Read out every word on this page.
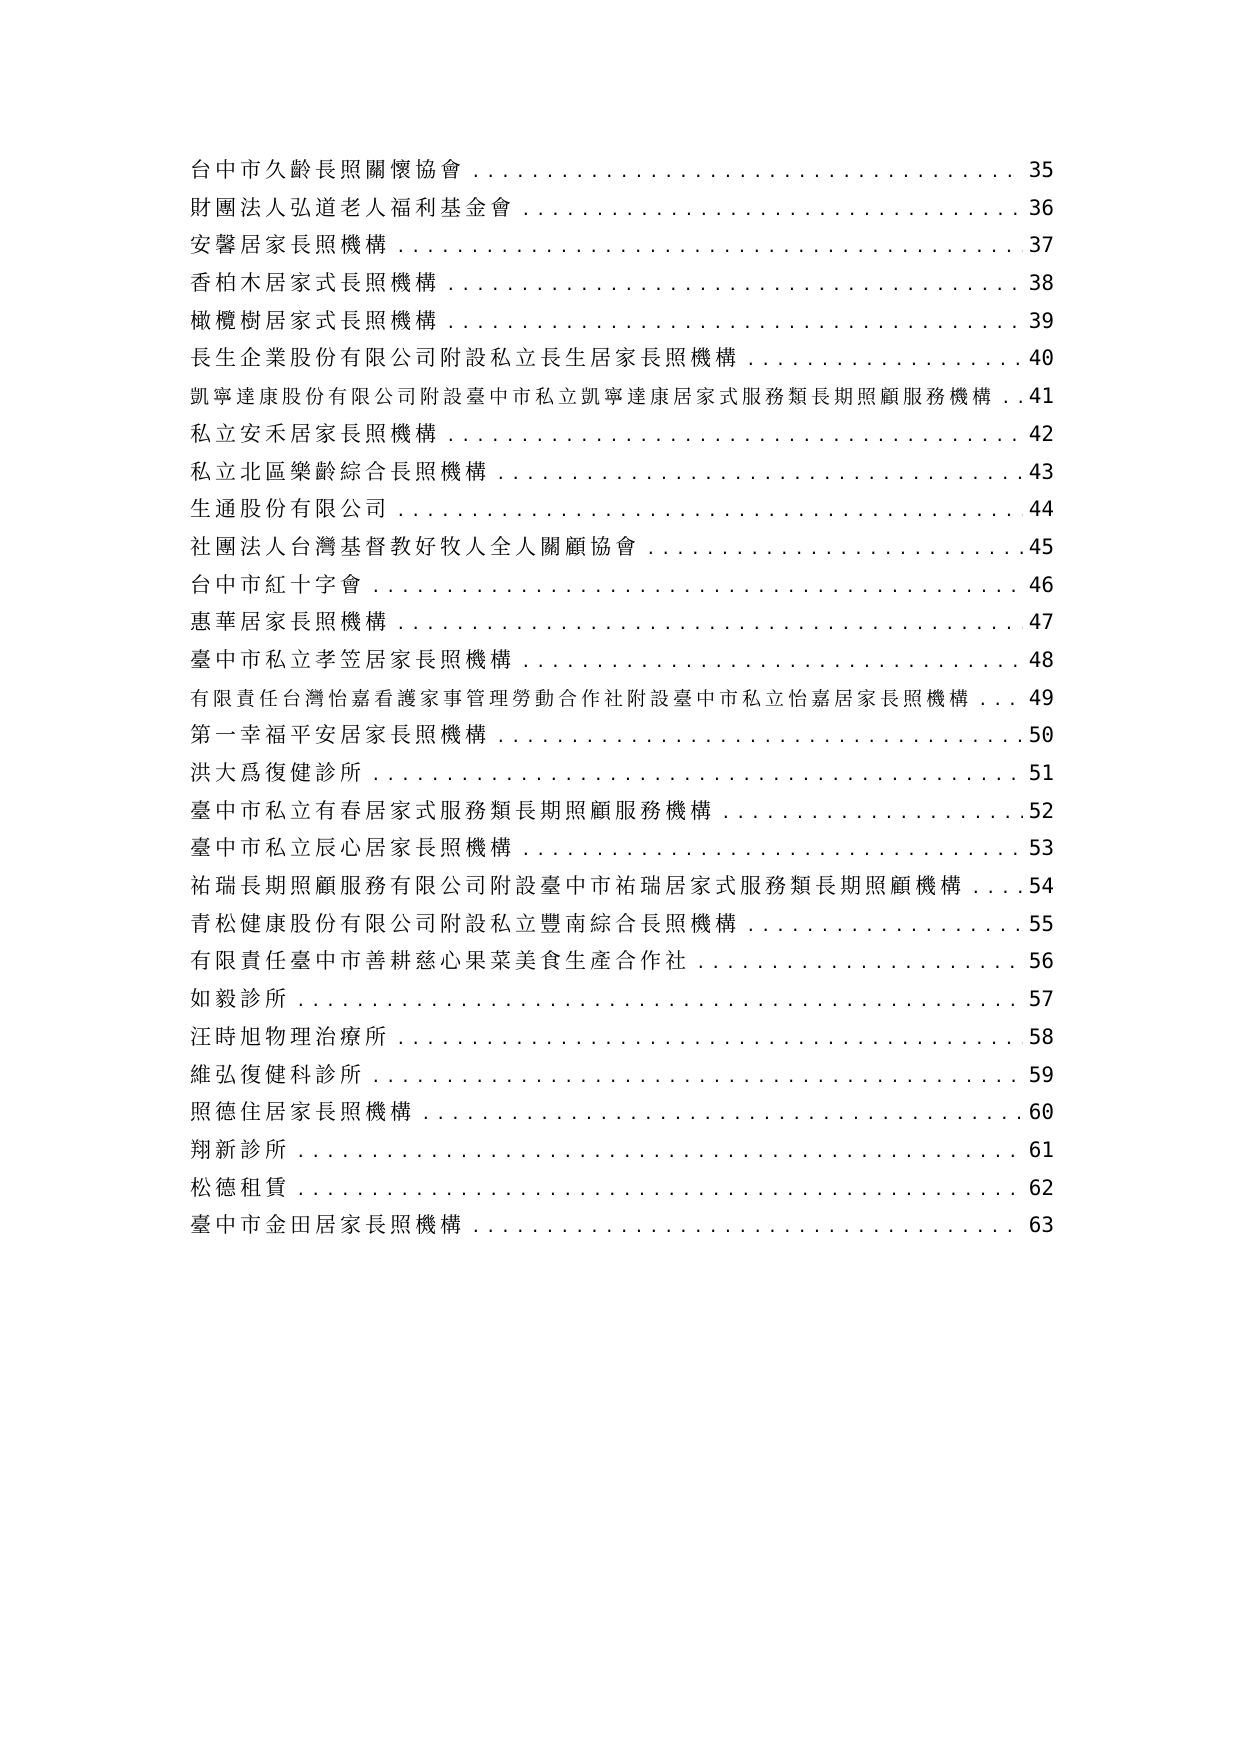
台中市久齡長照關懷協會 .....	35
財團法人弘道老人福利基金會 .....	36
安馨居家長照機構 .....	37
香柏木居家式長照機構 .....	38
橄欖樹居家式長照機構 .....	39
長生企業股份有限公司附設私立長生居家長照機構 .....	40
凱寧達康股份有限公司附設臺中市私立凱寧達康居家式服務類長期照顧服務機構 ..... 41
私立安禾居家長照機構 .....	42
私立北區樂齡綜合長照機構 .....	43
生通股份有限公司 .....	44
社團法人台灣基督教好牧人全人關顧協會 .....	45
台中市紅十字會 .....	46
惠華居家長照機構 .....	47
臺中市私立孝笠居家長照機構 .....	48
有限責任台灣怡嘉看護家事管理勞動合作社附設臺中市私立怡嘉居家長照機構 .....	49
第一幸福平安居家長照機構 .....	50
洪大爲復健診所 .....	51
臺中市私立有春居家式服務類長期照顧服務機構 .....	52
臺中市私立辰心居家長照機構 .....	53
祐瑞長期照顧服務有限公司附設臺中市祐瑞居家式服務類長期照顧機構 .....	54
青松健康股份有限公司附設私立豐南綜合長照機構 .....	55
有限責任臺中市善耕慈心果菜美食生產合作社 .....	56
如毅診所 .....	57
汪時旭物理治療所 .....	58
維弘復健科診所 .....	59
照德住居家長照機構 .....	60
翔新診所 .....	61
松德租賃 .....	62
臺中市金田居家長照機構 .....	63
